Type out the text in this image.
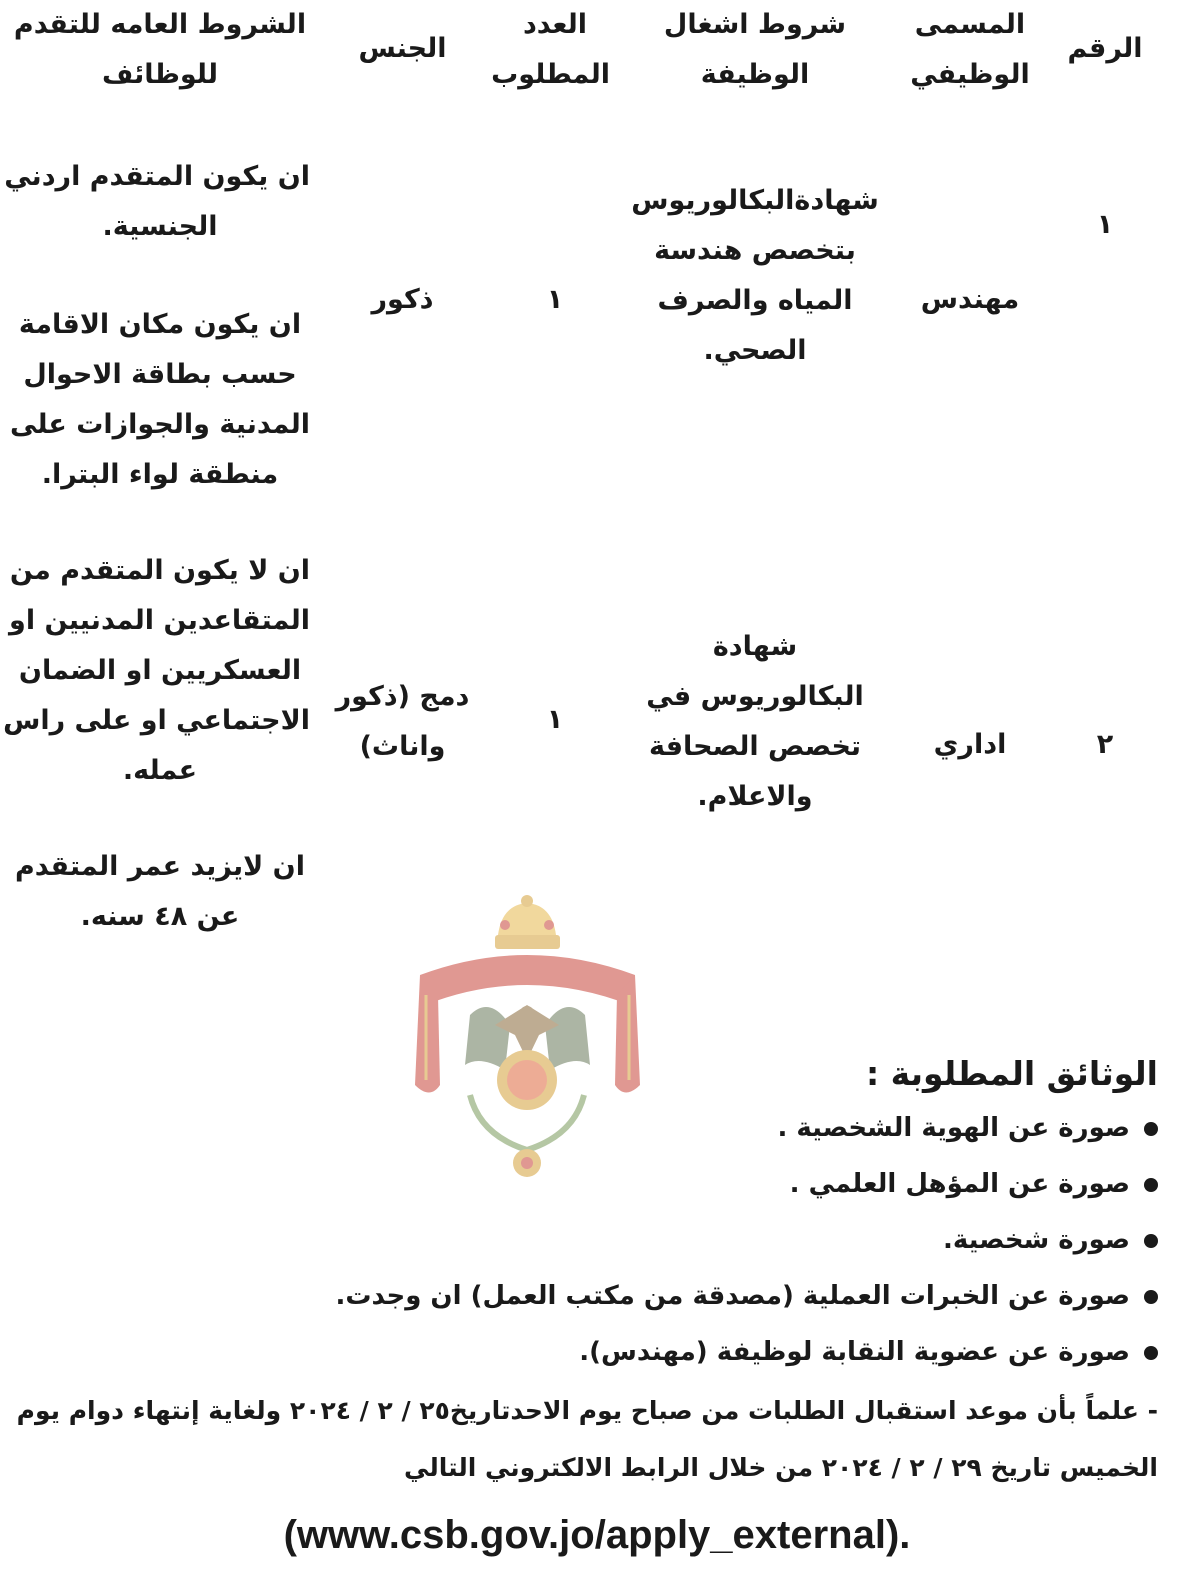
الرقم
المسمى
الوظيفي
شروط اشغال
الوظيفة
العدد
المطلوب
الجنس
الشروط العامه للتقدم
للوظائف
١
مهندس
شهادةالبكالوريوس
بتخصص هندسة
المياه والصرف
الصحي.
١
ذكور
٢
اداري
شهادة
البكالوريوس في
تخصص الصحافة
والاعلام.
١
دمج (ذكور
واناث)
ان يكون المتقدم اردني
الجنسية.
ان يكون مكان الاقامة
حسب بطاقة الاحوال
المدنية والجوازات على
منطقة لواء البترا.
ان لا يكون المتقدم من
المتقاعدين المدنيين او
العسكريين او الضمان
الاجتماعي او على راس
عمله.
ان لايزيد عمر المتقدم
عن ٤٨ سنه.

الوثائق المطلوبة :

صورة عن الهوية الشخصية .
صورة عن المؤهل العلمي .
صورة شخصية.
صورة عن الخبرات العملية (مصدقة من مكتب العمل) ان وجدت.
صورة عن عضوية النقابة لوظيفة (مهندس).
- علماً بأن موعد استقبال الطلبات من صباح يوم الاحدتاريخ٢٥ / ٢ / ٢٠٢٤ ولغاية إنتهاء دوام يوم
الخميس تاريخ ٢٩ / ٢ / ٢٠٢٤ من خلال الرابط الالكتروني التالي
(www.csb.gov.jo/apply_external).
